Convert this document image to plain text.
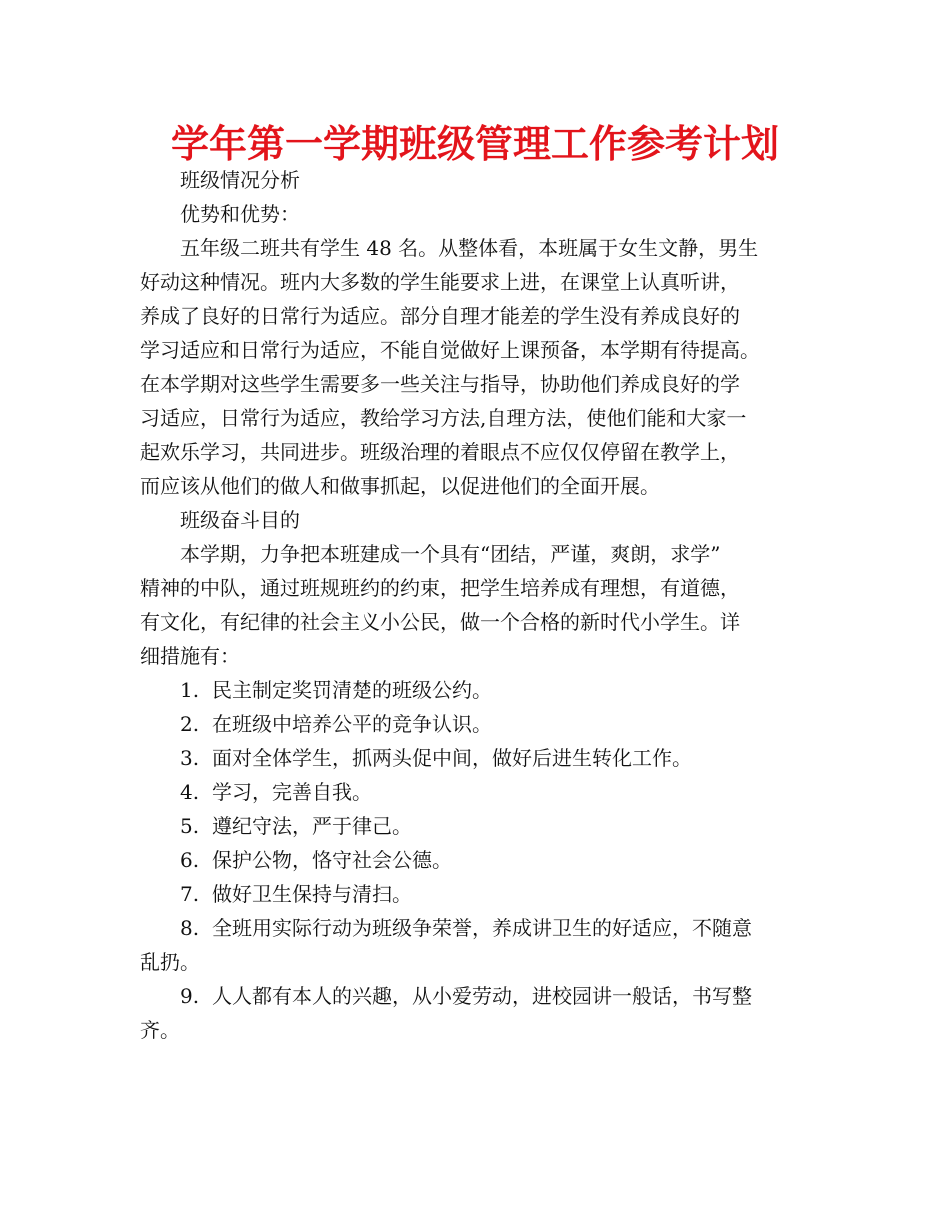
学年第一学期班级管理工作参考计划

班级情况分析

优势和优势：

五年级二班共有学生 48 名。从整体看，本班属于女生文静，男生
好动这种情况。班内大多数的学生能要求上进，在课堂上认真听讲，
养成了良好的日常行为适应。部分自理才能差的学生没有养成良好的
学习适应和日常行为适应，不能自觉做好上课预备，本学期有待提高。
在本学期对这些学生需要多一些关注与指导，协助他们养成良好的学
习适应，日常行为适应，教给学习方法,自理方法，使他们能和大家一
起欢乐学习，共同进步。班级治理的着眼点不应仅仅停留在教学上，
而应该从他们的做人和做事抓起，以促进他们的全面开展。

班级奋斗目的

本学期，力争把本班建成一个具有“团结，严谨，爽朗，求学”
精神的中队，通过班规班约的约束，把学生培养成有理想，有道德，
有文化，有纪律的社会主义小公民，做一个合格的新时代小学生。详
细措施有：

1. 民主制定奖罚清楚的班级公约。

2. 在班级中培养公平的竞争认识。

3. 面对全体学生，抓两头促中间，做好后进生转化工作。

4. 学习，完善自我。

5. 遵纪守法，严于律己。

6. 保护公物，恪守社会公德。

7. 做好卫生保持与清扫。

8. 全班用实际行动为班级争荣誉，养成讲卫生的好适应，不随意
乱扔。
9. 人人都有本人的兴趣，从小爱劳动，进校园讲一般话，书写整
齐。
